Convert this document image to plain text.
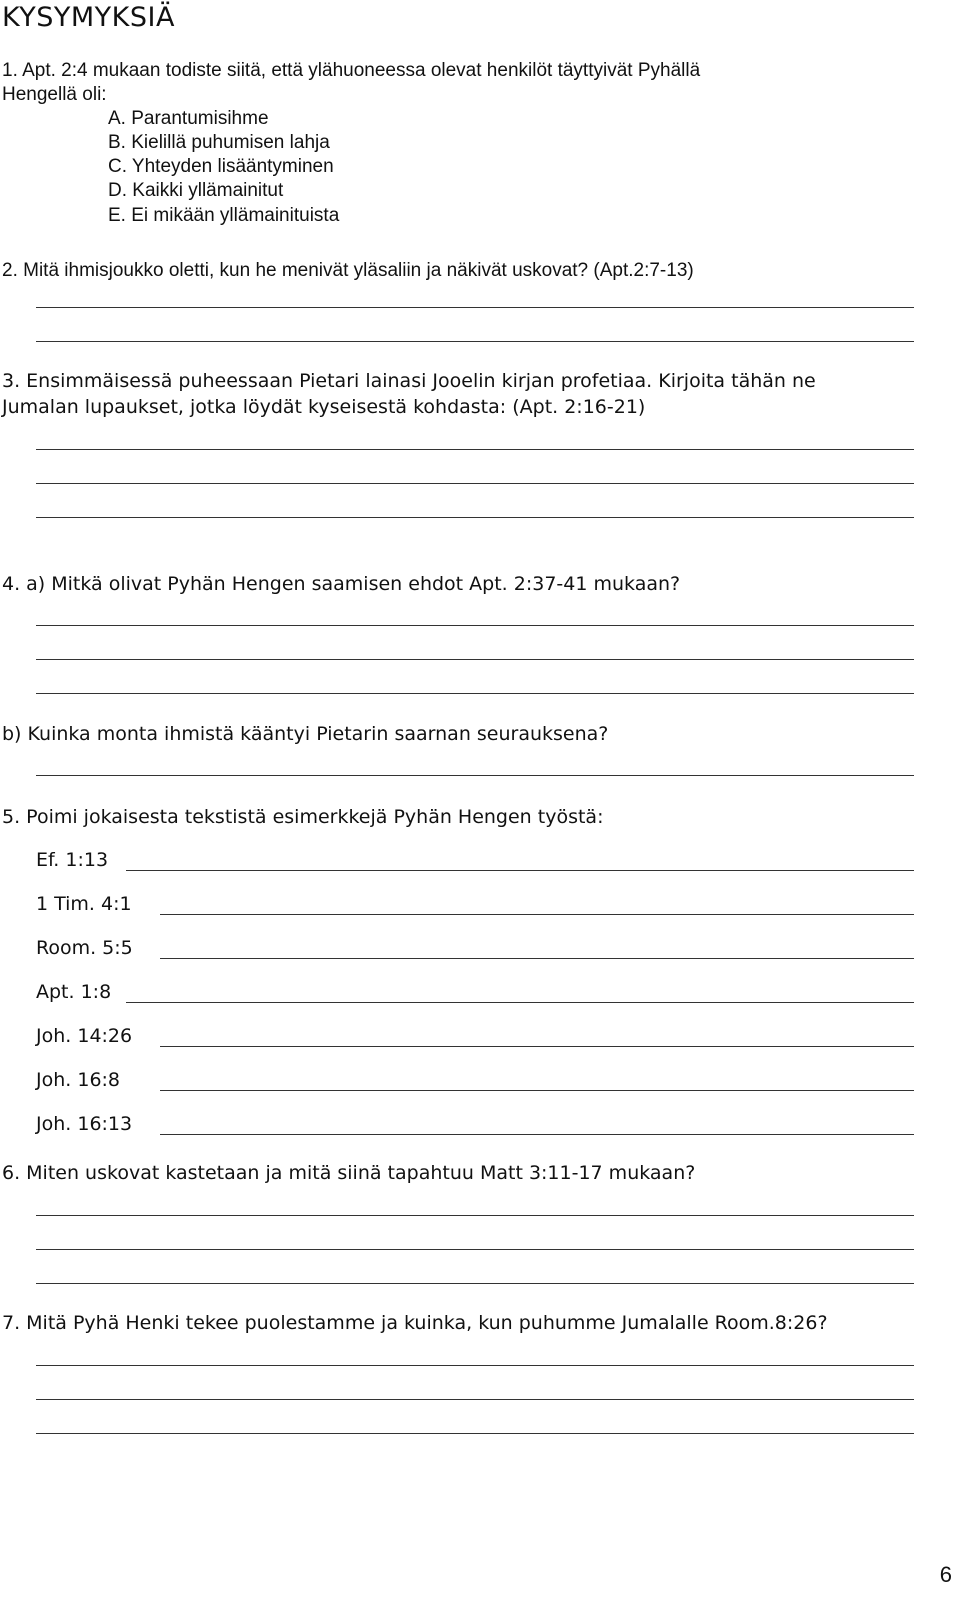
KYSYMYKSIÄ
1. Apt. 2:4 mukaan todiste siitä, että ylähuoneessa olevat henkilöt täyttyivät Pyhällä
Hengellä oli:
A. Parantumisihme
B. Kielillä puhumisen lahja
C. Yhteyden lisääntyminen
D. Kaikki yllämainitut
E. Ei mikään yllämainituista
2. Mitä ihmisjoukko oletti, kun he menivät yläsaliin ja näkivät uskovat? (Apt.2:7-13)
3. Ensimmäisessä puheessaan Pietari lainasi Jooelin kirjan profetiaa. Kirjoita tähän ne
Jumalan lupaukset, jotka löydät kyseisestä kohdasta: (Apt. 2:16-21)
4. a) Mitkä olivat Pyhän Hengen saamisen ehdot Apt. 2:37-41 mukaan?
b) Kuinka monta ihmistä kääntyi Pietarin saarnan seurauksena?
5. Poimi jokaisesta tekstistä esimerkkejä Pyhän Hengen työstä:
Ef. 1:13
1 Tim. 4:1
Room. 5:5
Apt. 1:8
Joh. 14:26
Joh. 16:8
Joh. 16:13
6. Miten uskovat kastetaan ja mitä siinä tapahtuu Matt 3:11-17 mukaan?
7. Mitä Pyhä Henki tekee puolestamme ja kuinka, kun puhumme Jumalalle Room.8:26?
6
